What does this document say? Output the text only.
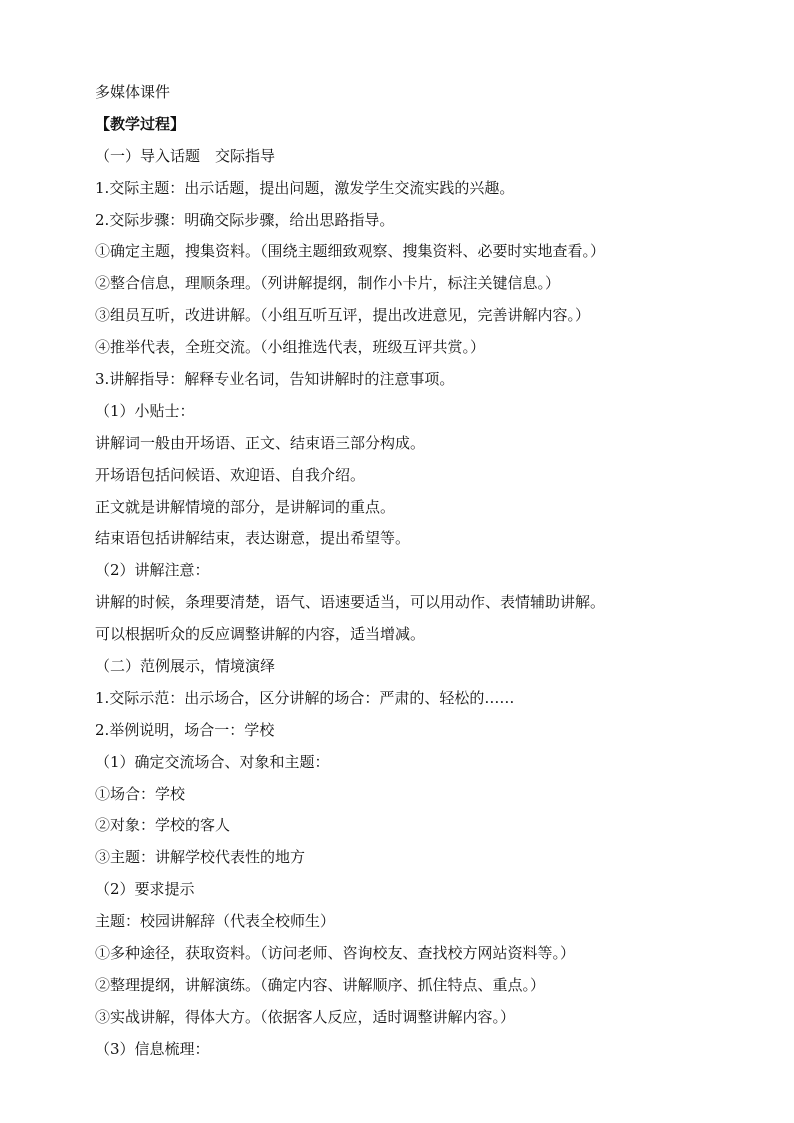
多媒体课件
【教学过程】
（一）导入话题　交际指导
1.交际主题：出示话题，提出问题，激发学生交流实践的兴趣。
2.交际步骤：明确交际步骤，给出思路指导。
①确定主题，搜集资料。（围绕主题细致观察、搜集资料、必要时实地查看。）
②整合信息，理顺条理。（列讲解提纲，制作小卡片，标注关键信息。）
③组员互听，改进讲解。（小组互听互评，提出改进意见，完善讲解内容。）
④推举代表，全班交流。（小组推选代表，班级互评共赏。）
3.讲解指导：解释专业名词，告知讲解时的注意事项。
（1）小贴士：
讲解词一般由开场语、正文、结束语三部分构成。
开场语包括问候语、欢迎语、自我介绍。
正文就是讲解情境的部分，是讲解词的重点。
结束语包括讲解结束，表达谢意，提出希望等。
（2）讲解注意：
讲解的时候，条理要清楚，语气、语速要适当，可以用动作、表情辅助讲解。
可以根据听众的反应调整讲解的内容，适当增减。
（二）范例展示，情境演绎
1.交际示范：出示场合，区分讲解的场合：严肃的、轻松的……
2.举例说明，场合一：学校
（1）确定交流场合、对象和主题：
①场合：学校
②对象：学校的客人
③主题：讲解学校代表性的地方
（2）要求提示
主题：校园讲解辞（代表全校师生）
①多种途径，获取资料。（访问老师、咨询校友、查找校方网站资料等。）
②整理提纲，讲解演练。（确定内容、讲解顺序、抓住特点、重点。）
③实战讲解，得体大方。（依据客人反应，适时调整讲解内容。）
（3）信息梳理：
